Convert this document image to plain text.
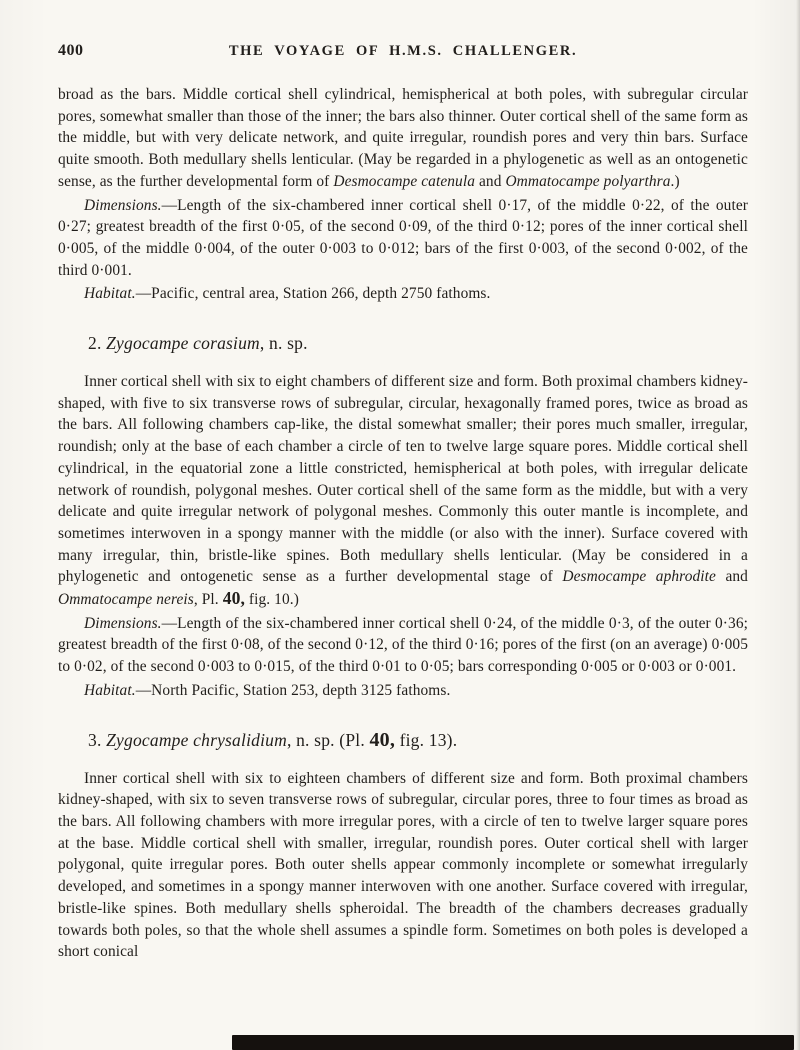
400	THE VOYAGE OF H.M.S. CHALLENGER.

broad as the bars. Middle cortical shell cylindrical, hemispherical at both poles, with subregular circular pores, somewhat smaller than those of the inner; the bars also thinner. Outer cortical shell of the same form as the middle, but with very delicate network, and quite irregular, roundish pores and very thin bars. Surface quite smooth. Both medullary shells lenticular. (May be regarded in a phylogenetic as well as an ontogenetic sense, as the further developmental form of Desmocampe catenula and Ommatocampe polyarthra.)

Dimensions.—Length of the six-chambered inner cortical shell 0·17, of the middle 0·22, of the outer 0·27; greatest breadth of the first 0·05, of the second 0·09, of the third 0·12; pores of the inner cortical shell 0·005, of the middle 0·004, of the outer 0·003 to 0·012; bars of the first 0·003, of the second 0·002, of the third 0·001.

Habitat.—Pacific, central area, Station 266, depth 2750 fathoms.

2. Zygocampe corasium, n. sp.

Inner cortical shell with six to eight chambers of different size and form. Both proximal chambers kidney-shaped, with five to six transverse rows of subregular, circular, hexagonally framed pores, twice as broad as the bars. All following chambers cap-like, the distal somewhat smaller; their pores much smaller, irregular, roundish; only at the base of each chamber a circle of ten to twelve large square pores. Middle cortical shell cylindrical, in the equatorial zone a little constricted, hemispherical at both poles, with irregular delicate network of roundish, polygonal meshes. Outer cortical shell of the same form as the middle, but with a very delicate and quite irregular network of polygonal meshes. Commonly this outer mantle is incomplete, and sometimes interwoven in a spongy manner with the middle (or also with the inner). Surface covered with many irregular, thin, bristle-like spines. Both medullary shells lenticular. (May be considered in a phylogenetic and ontogenetic sense as a further developmental stage of Desmocampe aphrodite and Ommatocampe nereis, Pl. 40, fig. 10.)

Dimensions.—Length of the six-chambered inner cortical shell 0·24, of the middle 0·3, of the outer 0·36; greatest breadth of the first 0·08, of the second 0·12, of the third 0·16; pores of the first (on an average) 0·005 to 0·02, of the second 0·003 to 0·015, of the third 0·01 to 0·05; bars corresponding 0·005 or 0·003 or 0·001.

Habitat.—North Pacific, Station 253, depth 3125 fathoms.

3. Zygocampe chrysalidium, n. sp. (Pl. 40, fig. 13).

Inner cortical shell with six to eighteen chambers of different size and form. Both proximal chambers kidney-shaped, with six to seven transverse rows of subregular, circular pores, three to four times as broad as the bars. All following chambers with more irregular pores, with a circle of ten to twelve larger square pores at the base. Middle cortical shell with smaller, irregular, roundish pores. Outer cortical shell with larger polygonal, quite irregular pores. Both outer shells appear commonly incomplete or somewhat irregularly developed, and sometimes in a spongy manner interwoven with one another. Surface covered with irregular, bristle-like spines. Both medullary shells spheroidal. The breadth of the chambers decreases gradually towards both poles, so that the whole shell assumes a spindle form. Sometimes on both poles is developed a short conical
